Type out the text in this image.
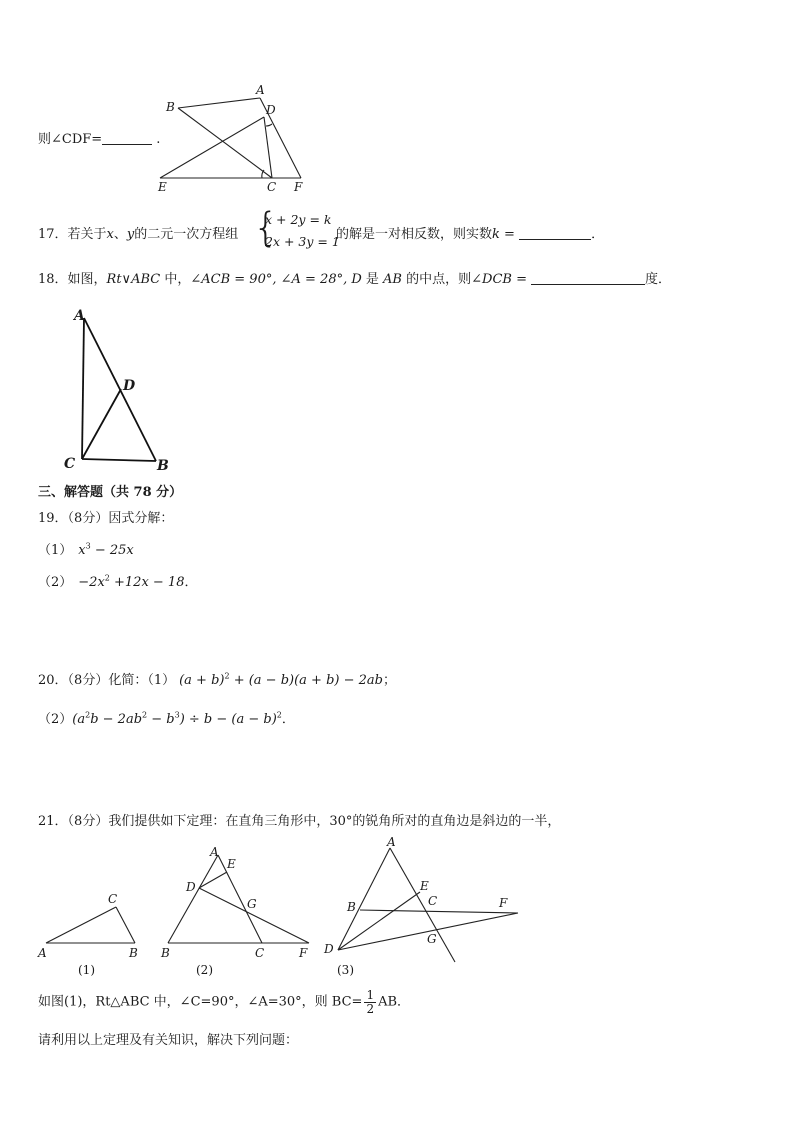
则∠CDF=	.
A
B	D
E	C F
17．若关于x、y的二元一次方程组 {
x + 2y = k
2x + 3y = 1
的解是一对相反数，则实数k =	．
18．如图，Rt∨ABC 中，∠ACB = 90°, ∠A = 28°, D 是 AB 的中点，则∠DCB =	度．
A
D
C	B
三、解答题（共 78 分）
19．（8分）因式分解：
（1） $x^3 - 25x$
$(2) -2x^2 +12x - 18$．
20．（8分）化简：（1） $(a + b)^2 + (a - b)(a + b) - 2ab$；
$(2)(a^2b - 2ab^2 - b^3) \div b - (a - b)^2$．
21．（8分）我们提供如下定理：在直角三角形中，30°的锐角所对的直角边是斜边的一半，
C
A	B
(1)
A
E
D
G
B	C	F
(2)
A
E
C	F
B
G
D
(3)
如图(1)，Rt△ABC 中，∠C=90°，∠A=30°，则 $BC= \frac{1}{2}$ AB．
请利用以上定理及有关知识，解决下列问题：
